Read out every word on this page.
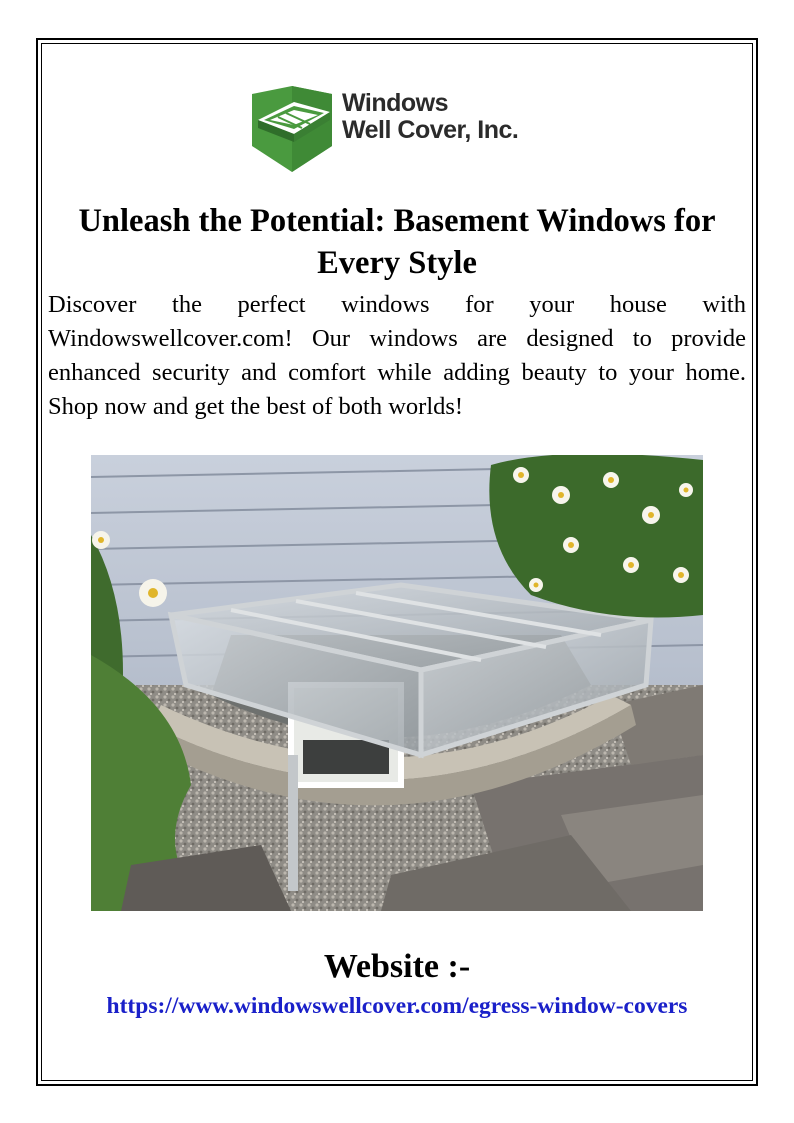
Windows
Well Cover, Inc.
Unleash the Potential: Basement Windows for Every Style

Discover the perfect windows for your house with Windowswellcover.com! Our windows are designed to provide enhanced security and comfort while adding beauty to your home. Shop now and get the best of both worlds!

Website :-

https://www.windowswellcover.com/egress-window-covers
